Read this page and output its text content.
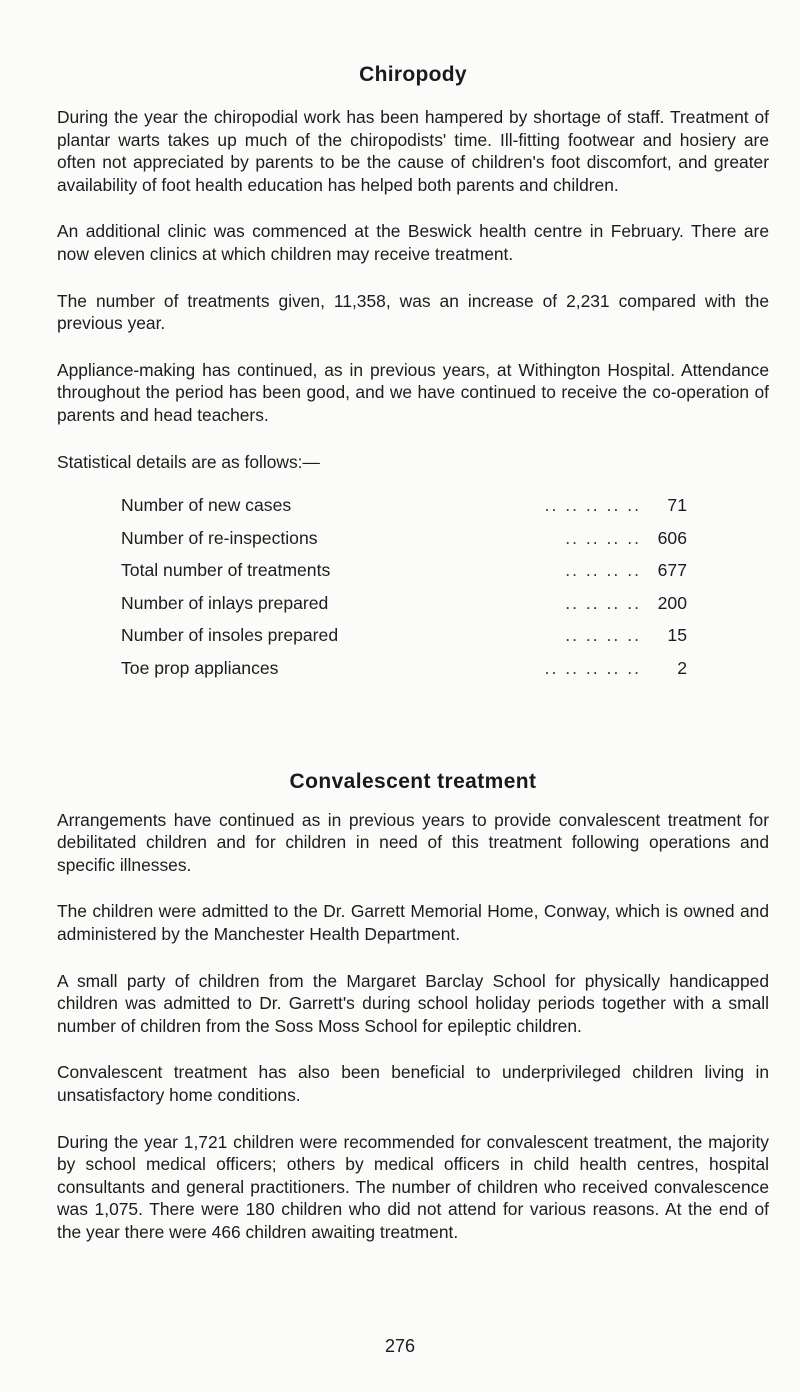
Chiropody

During the year the chiropodial work has been hampered by shortage of staff. Treatment of plantar warts takes up much of the chiropodists' time. Ill-fitting footwear and hosiery are often not appreciated by parents to be the cause of children's foot discomfort, and greater availability of foot health education has helped both parents and children.

An additional clinic was commenced at the Beswick health centre in February. There are now eleven clinics at which children may receive treatment.

The number of treatments given, 11,358, was an increase of 2,231 compared with the previous year.

Appliance-making has continued, as in previous years, at Withington Hospital. Attendance throughout the period has been good, and we have continued to receive the co-operation of parents and head teachers.

Statistical details are as follows:—

Number of new cases	.. .. .. .. ..	71
Number of re-inspections	.. .. .. ..	606
Total number of treatments	.. .. .. ..	677
Number of inlays prepared	.. .. .. ..	200
Number of insoles prepared	.. .. .. ..	15
Toe prop appliances	.. .. .. .. ..	2
Convalescent treatment

Arrangements have continued as in previous years to provide convalescent treatment for debilitated children and for children in need of this treatment following operations and specific illnesses.

The children were admitted to the Dr. Garrett Memorial Home, Conway, which is owned and administered by the Manchester Health Department.

A small party of children from the Margaret Barclay School for physically handicapped children was admitted to Dr. Garrett's during school holiday periods together with a small number of children from the Soss Moss School for epileptic children.

Convalescent treatment has also been beneficial to underprivileged children living in unsatisfactory home conditions.

During the year 1,721 children were recommended for convalescent treatment, the majority by school medical officers; others by medical officers in child health centres, hospital consultants and general practitioners. The number of children who received convalescence was 1,075. There were 180 children who did not attend for various reasons. At the end of the year there were 466 children awaiting treatment.

276
